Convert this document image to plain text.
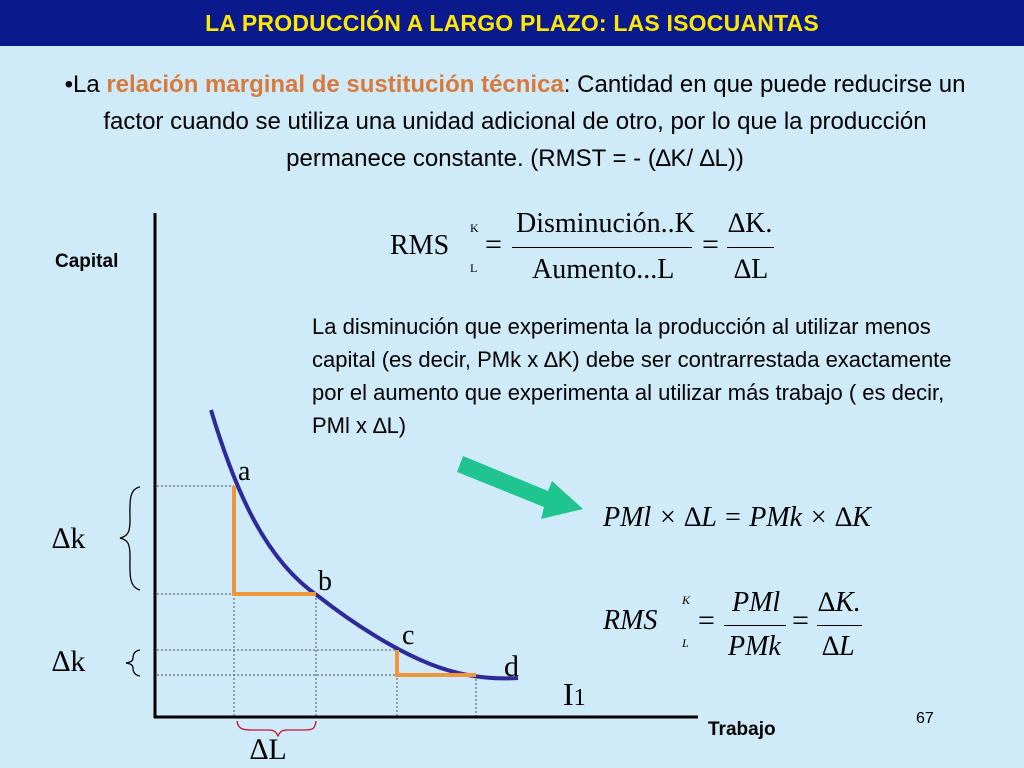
LA PRODUCCIÓN A LARGO PLAZO: LAS ISOCUANTAS
•La relación marginal de sustitución técnica: Cantidad en que puede reducirse un factor cuando se utiliza una unidad adicional de otro, por lo que la producción permanece constante. (RMST = - (∆K/ ∆L))
Capital
Trabajo
a
b
c
d
I1
∆k
∆k
∆L
RMS
K
L
=
Disminución..K
Aumento...L
=
∆K.
∆L
La disminución que experimenta la producción al utilizar menos capital (es decir, PMk x ∆K) debe ser contrarrestada exactamente por el aumento que experimenta al utilizar más trabajo ( es decir, PMl x ∆L)
PMl × ∆L = PMk × ∆K
RMS
K
L
=
PMl
PMk
=
∆K.
∆L
67
